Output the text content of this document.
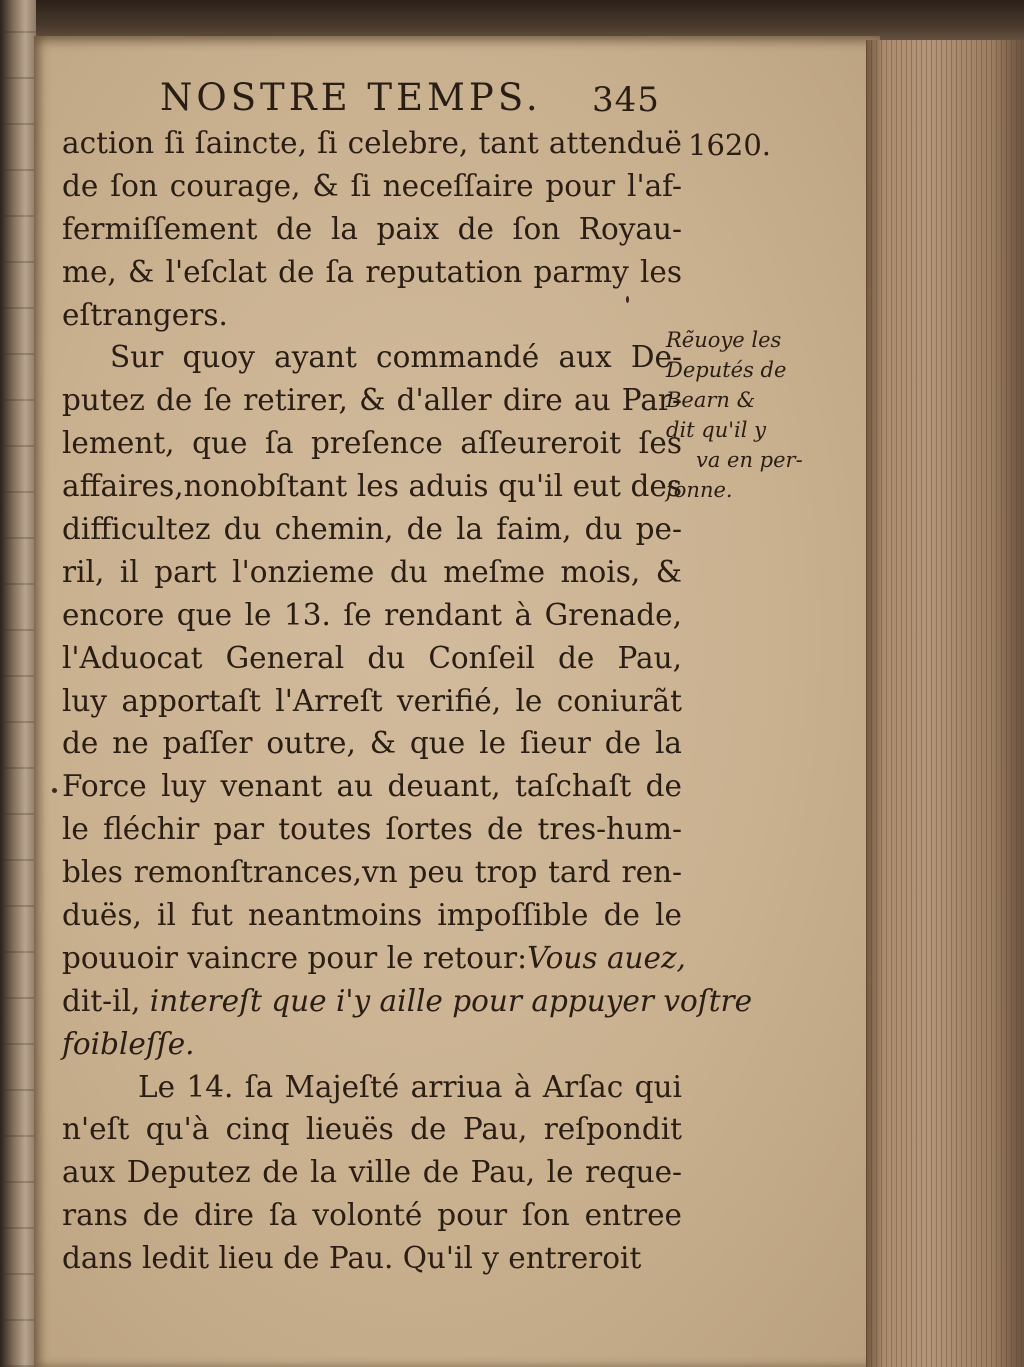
NOSTRE TEMPS. 345
1620.
Rẽuoye les
Deputés de
Bearn &
dit qu'il y
va en per-
ſonne.
action ſi ſaincte, ſi celebre, tant attenduë
de ſon courage, & ſi neceſſaire pour l'af-
fermiſſement de la paix de ſon Royau-
me, & l'eſclat de ſa reputation parmy les
eſtrangers.
Sur quoy ayant commandé aux De-
putez de ſe retirer, & d'aller dire au Par-
lement, que ſa preſence aſſeureroit ſes
affaires,nonobſtant les aduis qu'il eut des
difficultez du chemin, de la faim, du pe-
ril, il part l'onzieme du meſme mois, &
encore que le 13. ſe rendant à Grenade,
l'Aduocat General du Conſeil de Pau,
luy apportaſt l'Arreſt verifié, le coniurãt
de ne paſſer outre, & que le ſieur de la
Force luy venant au deuant, taſchaſt de
le fléchir par toutes ſortes de tres-hum-
bles remonſtrances,vn peu trop tard ren-
duës, il fut neantmoins impoſſible de le
pouuoir vaincre pour le retour:Vous auez,
dit-il, intereſt que i'y aille pour appuyer voſtre
foibleſſe.
Le 14. ſa Majeſté arriua à Arſac qui
n'eſt qu'à cinq lieuës de Pau, reſpondit
aux Deputez de la ville de Pau, le reque-
rans de dire ſa volonté pour ſon entree
dans ledit lieu de Pau. Qu'il y entreroit
